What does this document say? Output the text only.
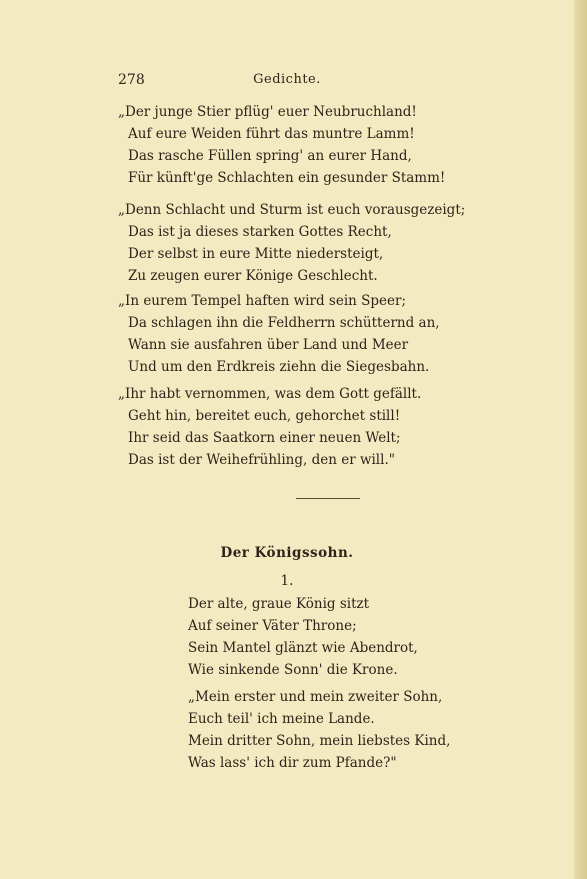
278	Gedichte.
„Der junge Stier pflüg' euer Neubruchland!
Auf eure Weiden führt das muntre Lamm!
Das rasche Füllen spring' an eurer Hand,
Für künft'ge Schlachten ein gesunder Stamm!
„Denn Schlacht und Sturm ist euch vorausgezeigt;
Das ist ja dieses starken Gottes Recht,
Der selbst in eure Mitte niedersteigt,
Zu zeugen eurer Könige Geschlecht.
„In eurem Tempel haften wird sein Speer;
Da schlagen ihn die Feldherrn schütternd an,
Wann sie ausfahren über Land und Meer
Und um den Erdkreis ziehn die Siegesbahn.
„Ihr habt vernommen, was dem Gott gefällt.
Geht hin, bereitet euch, gehorchet still!
Ihr seid das Saatkorn einer neuen Welt;
Das ist der Weihefrühling, den er will."
Der Königssohn.
1.
Der alte, graue König sitzt
Auf seiner Väter Throne;
Sein Mantel glänzt wie Abendrot,
Wie sinkende Sonn' die Krone.
„Mein erster und mein zweiter Sohn,
Euch teil' ich meine Lande.
Mein dritter Sohn, mein liebstes Kind,
Was lass' ich dir zum Pfande?"
